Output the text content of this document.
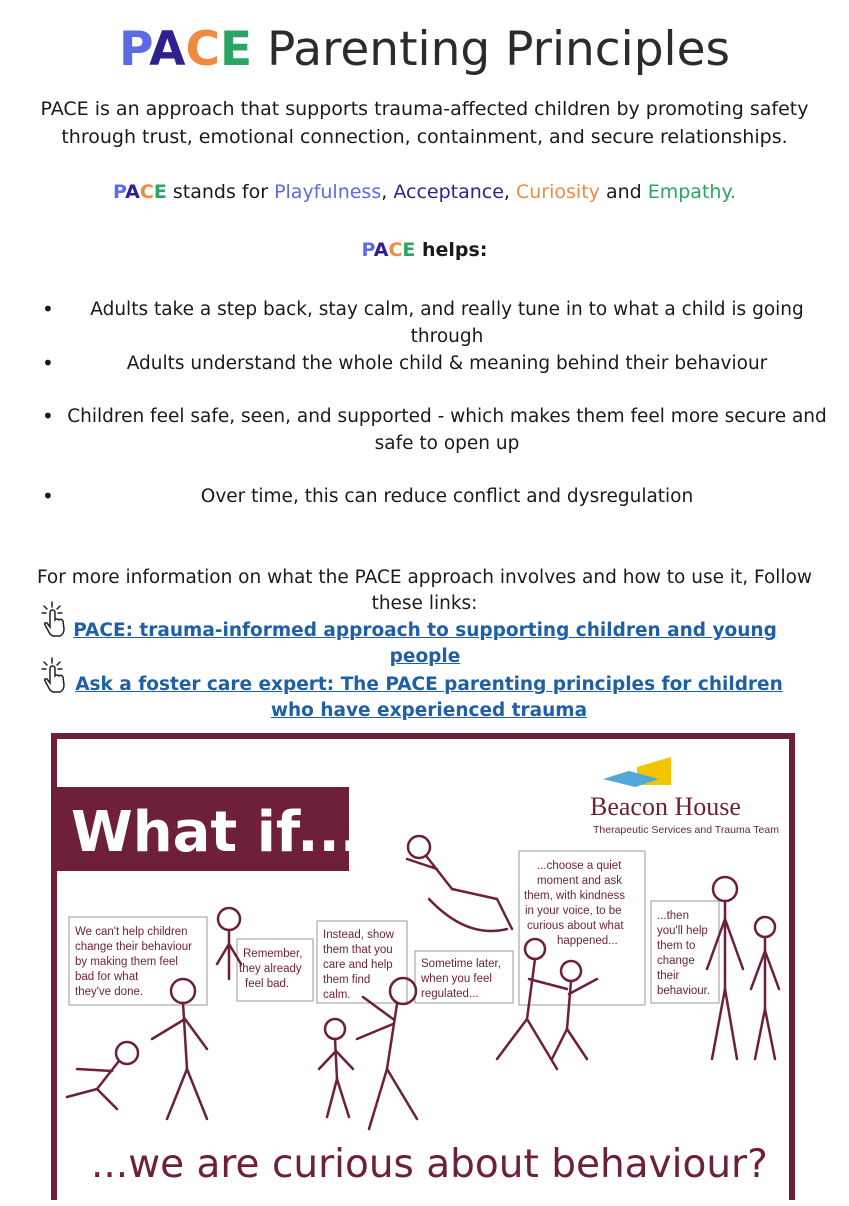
PACE Parenting Principles
PACE is an approach that supports trauma-affected children by promoting safety through trust, emotional connection, containment, and secure relationships.
PACE stands for Playfulness, Acceptance, Curiosity and Empathy.
PACE helps:
• Adults take a step back, stay calm, and really tune in to what a child is going through
•	Adults understand the whole child & meaning behind their behaviour
• Children feel safe, seen, and supported - which makes them feel more secure and safe to open up
•	Over time, this can reduce conflict and dysregulation
For more information on what the PACE approach involves and how to use it, Follow these links:
PACE: trauma-informed approach to supporting children and young people
Ask a foster care expert: The PACE parenting principles for children who have experienced trauma
What if...	Beacon House
Therapeutic Services and Trauma Team
We can't help children
change their behaviour
by making them feel
bad for what
they've done.
Remember,
they already
feel bad.
Instead, show
them that you
care and help
them find
calm.
Sometime later,
when you feel
regulated...
...choose a quiet
moment and ask
them, with kindness
in your voice, to be
curious about what
happened...
...then
you'll help
them to
change
their
behaviour.
...we are curious about behaviour?
